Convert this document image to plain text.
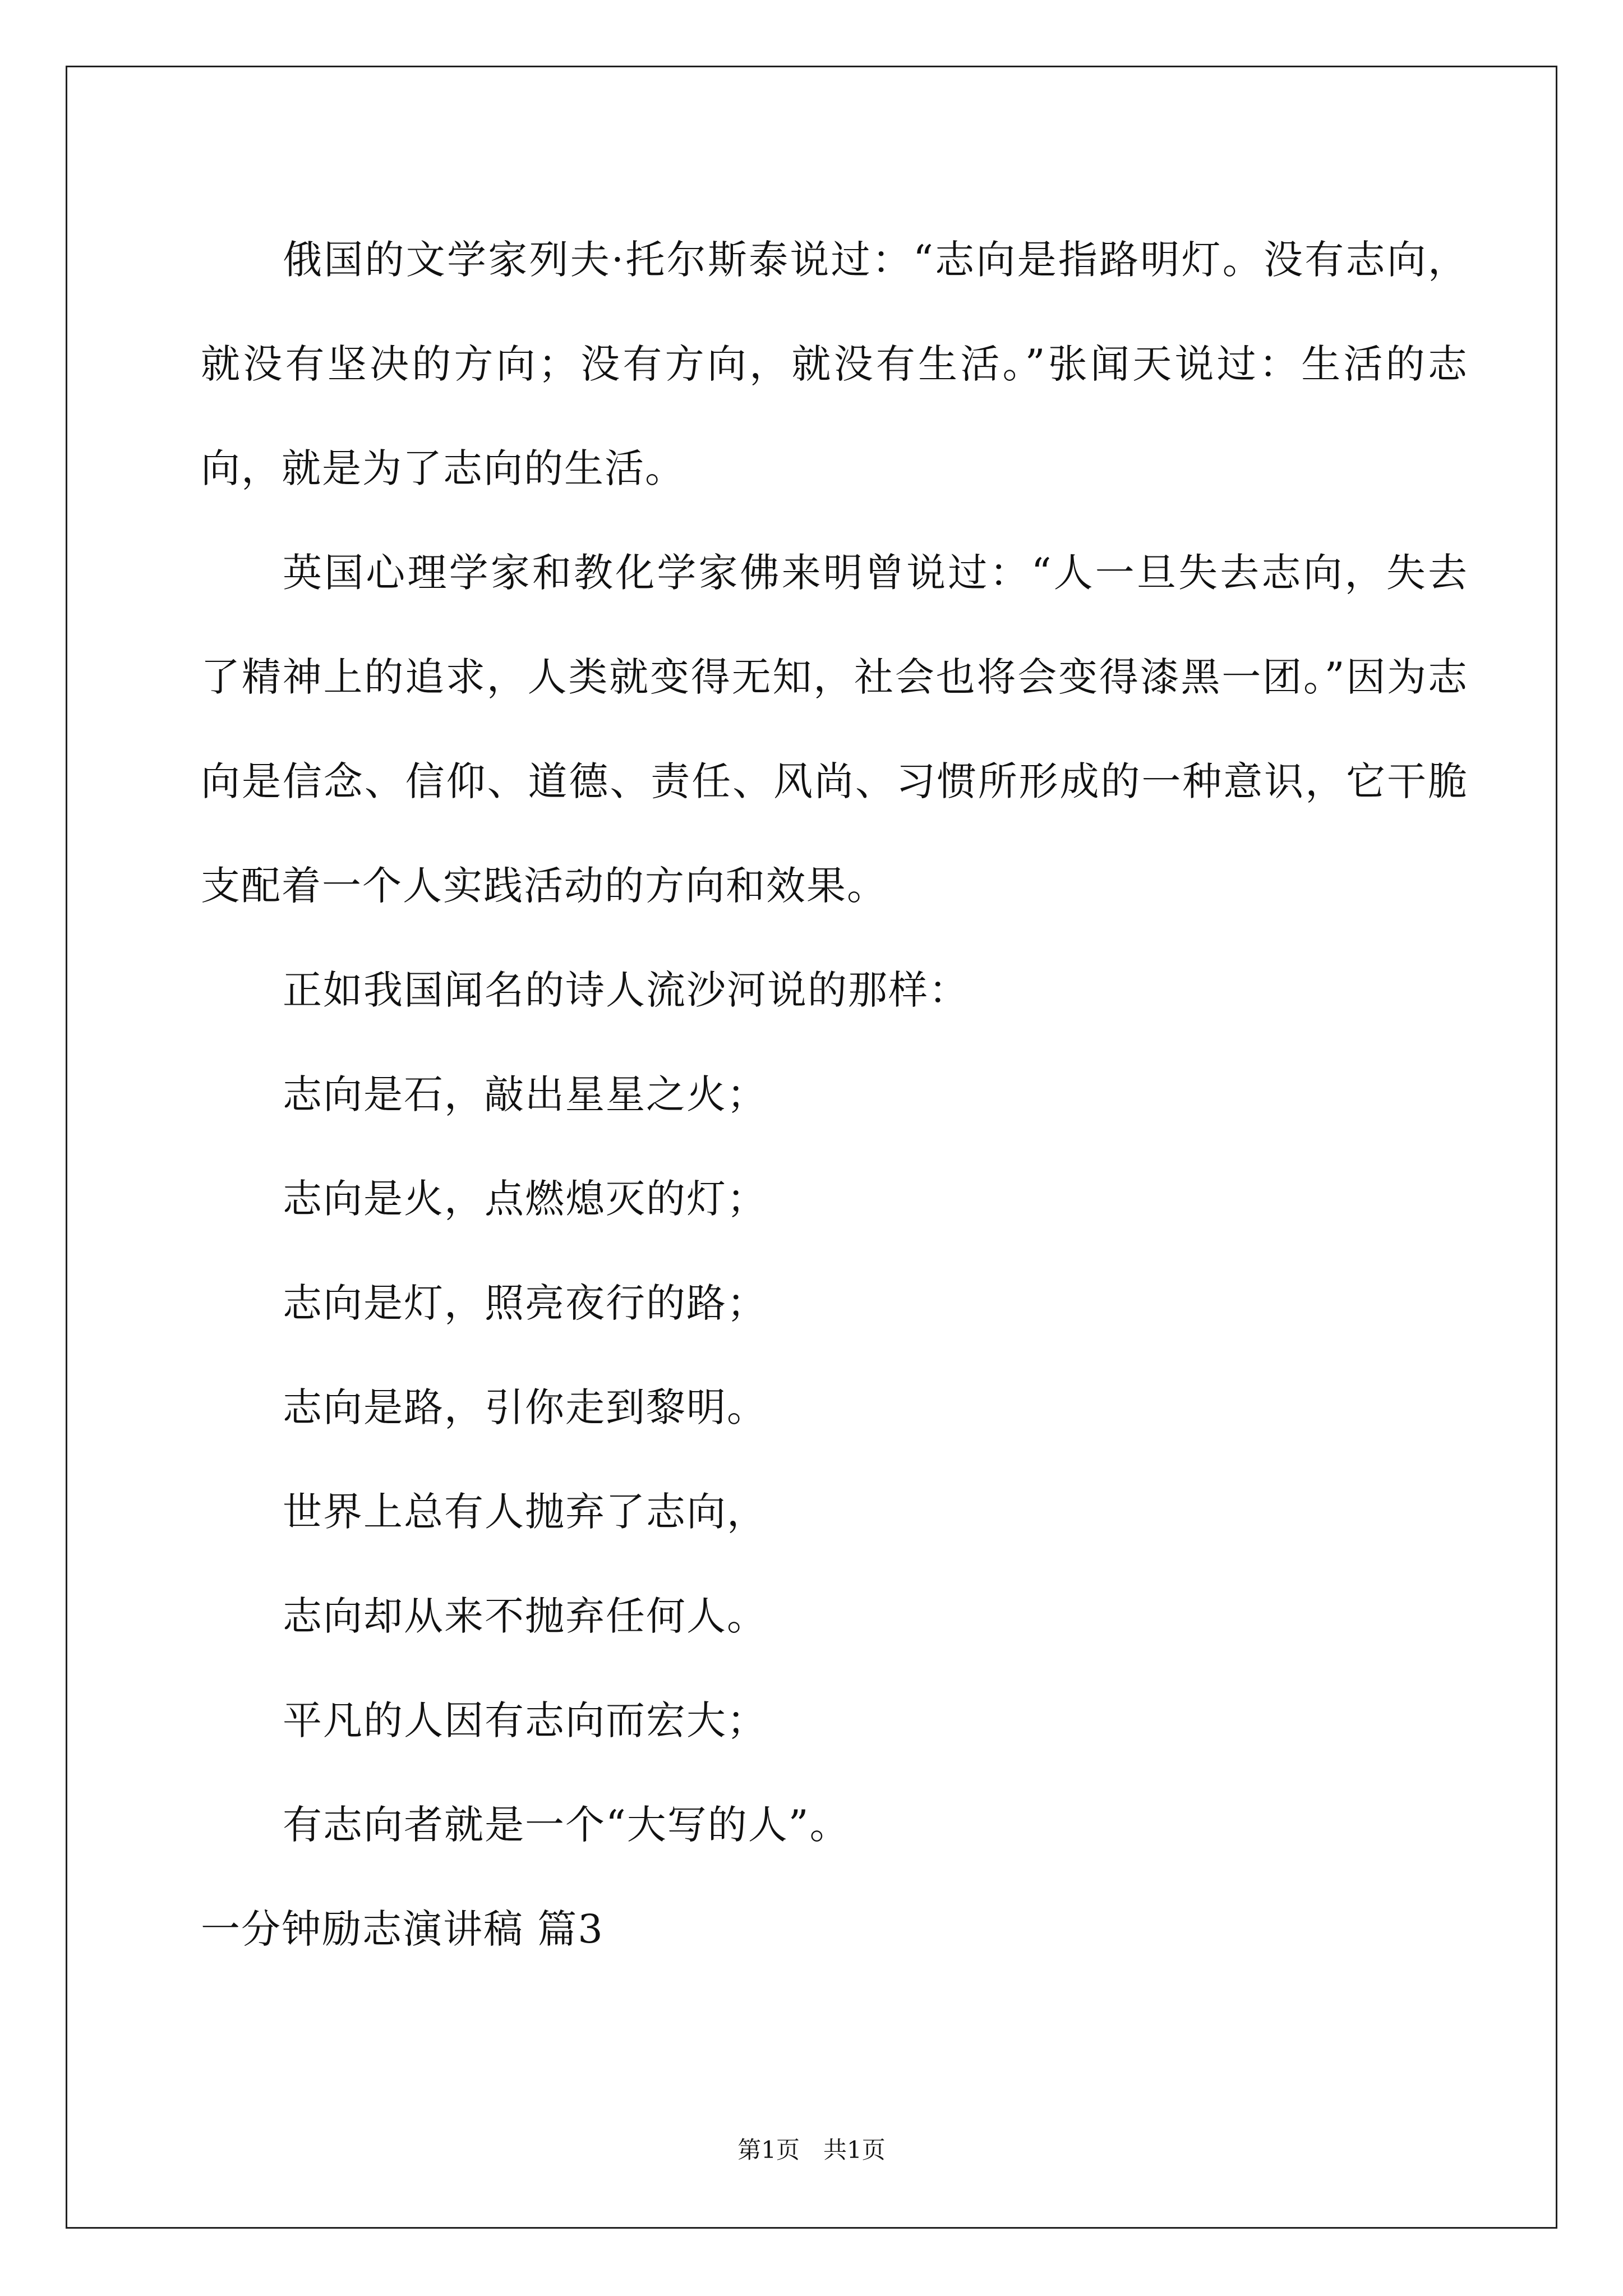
俄国的文学家列夫·托尔斯泰说过：“志向是指路明灯。没有志向，就没有坚决的方向；没有方向，就没有生活。”张闻天说过：生活的志向，就是为了志向的生活。

英国心理学家和教化学家佛来明曾说过：“人一旦失去志向，失去了精神上的追求，人类就变得无知，社会也将会变得漆黑一团。”因为志向是信念、信仰、道德、责任、风尚、习惯所形成的一种意识，它干脆支配着一个人实践活动的方向和效果。

正如我国闻名的诗人流沙河说的那样：

志向是石，敲出星星之火；

志向是火，点燃熄灭的灯；

志向是灯，照亮夜行的路；

志向是路，引你走到黎明。

世界上总有人抛弃了志向，

志向却从来不抛弃任何人。

平凡的人因有志向而宏大；

有志向者就是一个“大写的人”。

一分钟励志演讲稿 篇3

第1页 共1页
